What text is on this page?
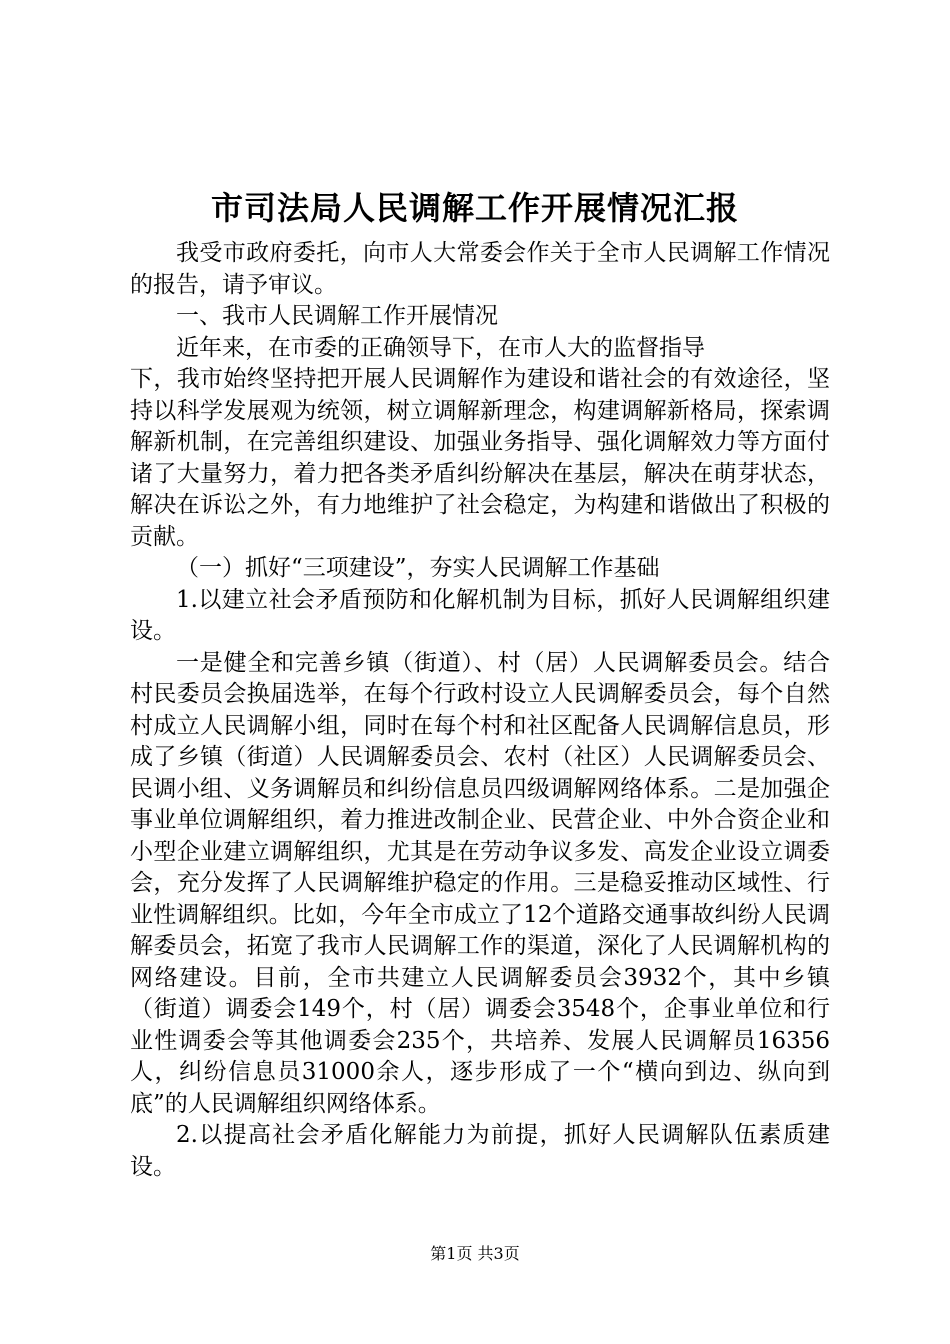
市司法局人民调解工作开展情况汇报

我受市政府委托，向市人大常委会作关于全市人民调解工作情况的报告，请予审议。

一、我市人民调解工作开展情况

近年来，在市委的正确领导下，在市人大的监督指导

下，我市始终坚持把开展人民调解作为建设和谐社会的有效途径，坚持以科学发展观为统领，树立调解新理念，构建调解新格局，探索调解新机制，在完善组织建设、加强业务指导、强化调解效力等方面付诸了大量努力，着力把各类矛盾纠纷解决在基层，解决在萌芽状态，解决在诉讼之外，有力地维护了社会稳定，为构建和谐做出了积极的贡献。

（一）抓好“三项建设”，夯实人民调解工作基础

1.以建立社会矛盾预防和化解机制为目标，抓好人民调解组织建设。

一是健全和完善乡镇（街道）、村（居）人民调解委员会。结合村民委员会换届选举，在每个行政村设立人民调解委员会，每个自然村成立人民调解小组，同时在每个村和社区配备人民调解信息员，形成了乡镇（街道）人民调解委员会、农村（社区）人民调解委员会、民调小组、义务调解员和纠纷信息员四级调解网络体系。二是加强企事业单位调解组织，着力推进改制企业、民营企业、中外合资企业和小型企业建立调解组织，尤其是在劳动争议多发、高发企业设立调委会，充分发挥了人民调解维护稳定的作用。三是稳妥推动区域性、行业性调解组织。比如，今年全市成立了12个道路交通事故纠纷人民调解委员会，拓宽了我市人民调解工作的渠道，深化了人民调解机构的网络建设。目前，全市共建立人民调解委员会3932个，其中乡镇（街道）调委会149个，村（居）调委会3548个，企事业单位和行业性调委会等其他调委会235个，共培养、发展人民调解员16356人，纠纷信息员31000余人，逐步形成了一个“横向到边、纵向到底”的人民调解组织网络体系。

2.以提高社会矛盾化解能力为前提，抓好人民调解队伍素质建设。

第1页 共3页
